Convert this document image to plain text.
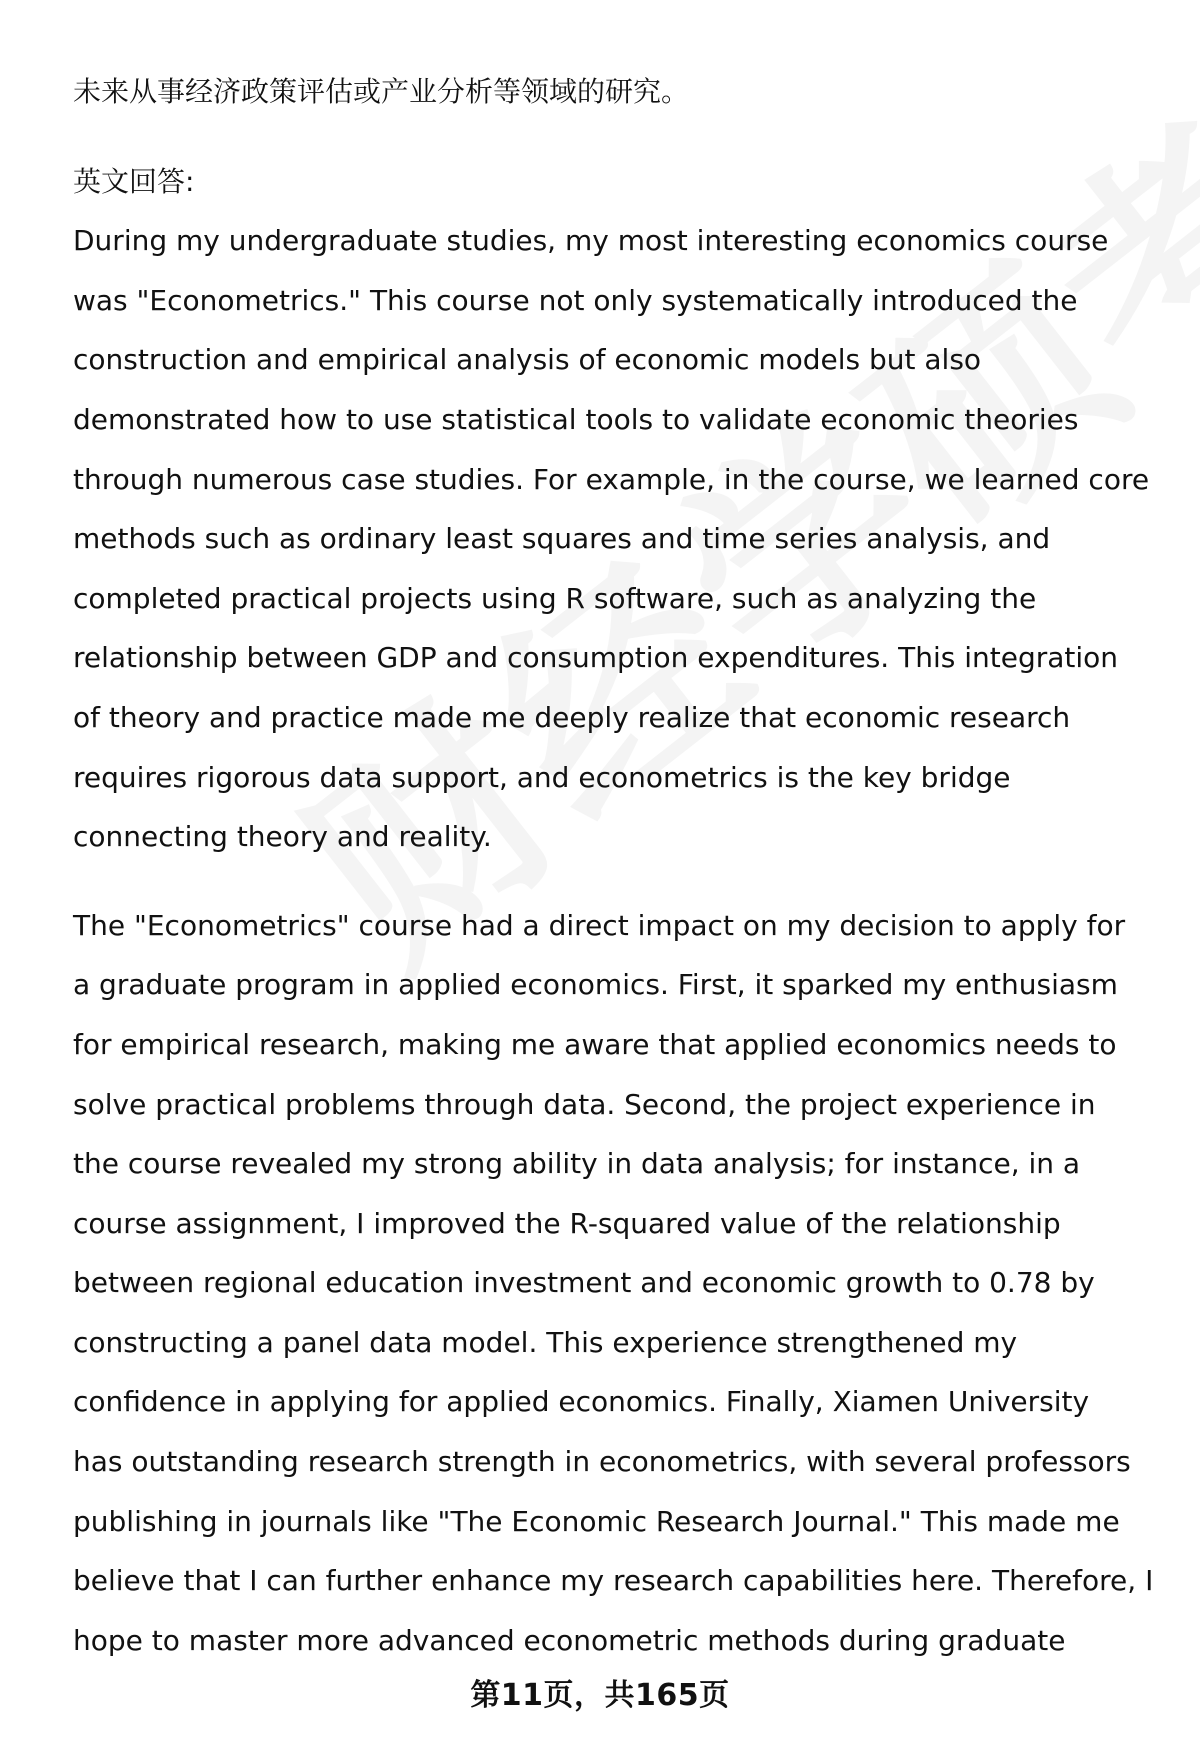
未来从事经济政策评估或产业分析等领域的研究。

英文回答:

During my undergraduate studies, my most interesting economics course

was "Econometrics." This course not only systematically introduced the

construction and empirical analysis of economic models but also

demonstrated how to use statistical tools to validate economic theories

through numerous case studies. For example, in the course, we learned core

methods such as ordinary least squares and time series analysis, and

completed practical projects using R software, such as analyzing the

relationship between GDP and consumption expenditures. This integration

of theory and practice made me deeply realize that economic research

requires rigorous data support, and econometrics is the key bridge

connecting theory and reality.

The "Econometrics" course had a direct impact on my decision to apply for

a graduate program in applied economics. First, it sparked my enthusiasm

for empirical research, making me aware that applied economics needs to

solve practical problems through data. Second, the project experience in

the course revealed my strong ability in data analysis; for instance, in a

course assignment, I improved the R-squared value of the relationship

between regional education investment and economic growth to 0.78 by

constructing a panel data model. This experience strengthened my

confidence in applying for applied economics. Finally, Xiamen University

has outstanding research strength in econometrics, with several professors

publishing in journals like "The Economic Research Journal." This made me

believe that I can further enhance my research capabilities here. Therefore, I

hope to master more advanced econometric methods during graduate

第11页，共165页
